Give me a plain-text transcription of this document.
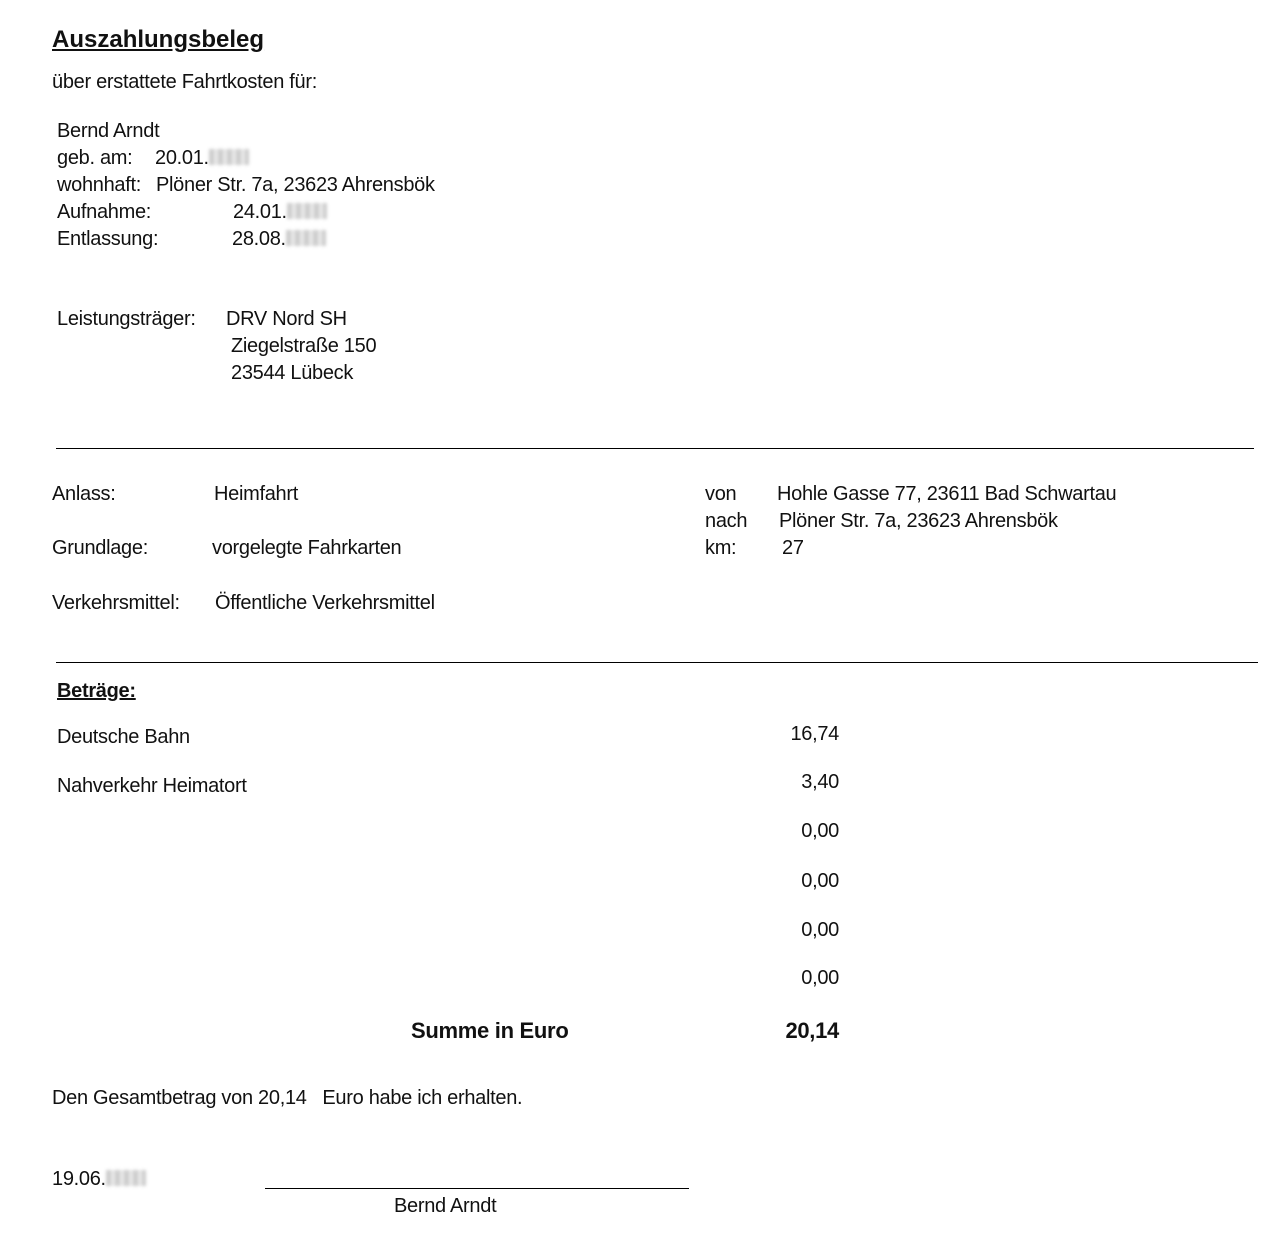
Auszahlungsbeleg
über erstattete Fahrtkosten für:
Bernd Arndt
geb. am: 20.01.
wohnhaft: Plöner Str. 7a, 23623 Ahrensbök
Aufnahme:	24.01.
Entlassung:	28.08.
Leistungsträger: DRV Nord SH
Ziegelstraße 150
23544 Lübeck
Anlass:	Heimfahrt
Grundlage:	vorgelegte Fahrkarten
Verkehrsmittel: Öffentliche Verkehrsmittel
von Hohle Gasse 77, 23611 Bad Schwartau
nach Plöner Str. 7a, 23623 Ahrensbök
km: 27
Beträge:
Deutsche Bahn	16,74
Nahverkehr Heimatort	3,40
0,00
0,00
0,00
0,00
Summe in Euro	20,14
Den Gesamtbetrag von 20,14 Euro habe ich erhalten.
19.06.
Bernd Arndt
